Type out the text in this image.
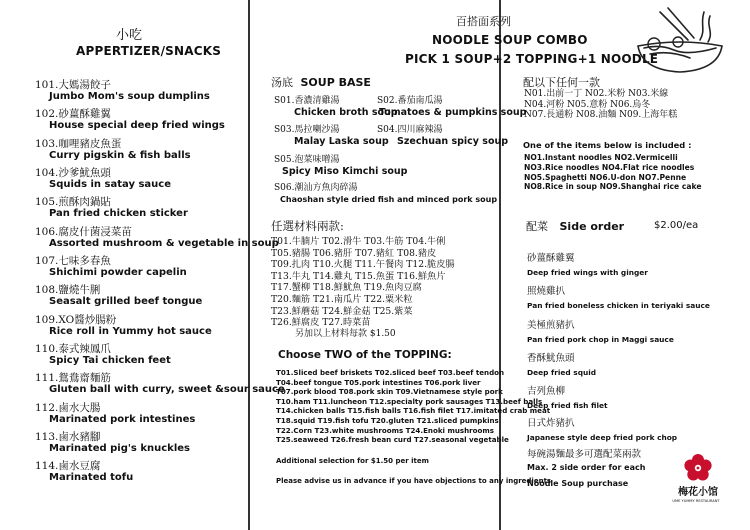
小吃
APPERTIZER/SNACKS
101.大媽湯餃子
Jumbo Mom's soup dumplins
102.砂薑酥雞翼
House special deep fried wings
103.咖哩豬皮魚蛋
Curry pigskin & fish balls
104.沙爹魷魚頭
Squids in satay sauce
105.煎酥肉鍋貼
Pan fried chicken sticker
106.腐皮什菌浸菜苗
Assorted mushroom & vegetable in soup
107.七味多春魚
Shichimi powder capelin
108.鹽燒牛脷
Seasalt grilled beef tongue
109.XO醬炒腸粉
Rice roll in Yummy hot sauce
110.泰式辣鳳爪
Spicy Tai chicken feet
111.鴛鴦齋麵筋
Gluten ball with curry, sweet &sour sauce
112.鹵水大腸
Marinated pork intestines
113.鹵水豬腳
Marinated pig's knuckles
114.鹵水豆腐
Marinated tofu
百搭面系列
NOODLE SOUP COMBO
PICK 1 SOUP+2 TOPPING+1 NOODLE
汤底 SOUP BASE
S01.香濃清雞湯
Chicken broth soup
S02.番茄南瓜湯
Tomatoes & pumpkins soup
S03.馬拉喇沙湯
Malay Laska soup
S04.四川麻辣湯
Szechuan spicy soup
S05.泡菜味噌湯
Spicy Miso Kimchi soup
S06.潮汕方魚肉碎湯
Chaoshan style dried fish and minced pork soup
任選材料兩款:
T01.牛腩片 T02.滑牛 T03.牛筋 T04.牛俐
T05.豬腸 T06.豬肝 T07.豬紅 T08.豬皮
T09.扎肉 T10.火腿 T11.午餐肉 T12.脆皮腸
T13.牛丸 T14.雞丸 T15.魚蛋 T16.鮮魚片
T17.蟹柳 T18.鮮魷魚 T19.魚肉豆腐
T20.麵筋 T21.南瓜片 T22.粟米粒
T23.鮮蘑菇 T24.鮮金菇 T25.紫菜
T26.鮮腐皮 T27.時菜苗
另加以上材料每款 $1.50
Choose TWO of the TOPPING:
T01.Sliced beef briskets T02.sliced beef T03.beef tendon
T04.beef tongue T05.pork intestines T06.pork liver
T07.pork blood T08.pork skin T09.Vietnamese style pork
T10.ham T11.luncheon T12.specialty pork sausages T13.beef balls
T14.chicken balls T15.fish balls T16.fish filet T17.imitated crab meat
T18.squid T19.fish tofu T20.gluten T21.sliced pumpkins
T22.Corn T23.white mushrooms T24.Enoki mushrooms
T25.seaweed T26.fresh bean curd T27.seasonal vegetable
Additional selection for $1.50 per item
Please advise us in advance if you have objections to any ingredients
配以下任何一款
N01.出前一丁 N02.米粉 N03.米線
N04.河粉 N05.意粉 N06.烏冬
N07.長通粉 N08.油麵 N09.上海年糕
One of the items below is included :
NO1.Instant noodles NO2.Vermicelli
NO3.Rice noodles NO4.Flat rice noodles
NO5.Spaghetti NO6.U-don NO7.Penne
NO8.Rice in soup NO9.Shanghai rice cake
配菜 Side order	$2.00/ea
砂薑酥雞翼
Deep fried wings with ginger
照燒雞扒
Pan fried boneless chicken in teriyaki sauce
美極煎豬扒
Pan fried pork chop in Maggi sauce
香酥魷魚頭
Deep fried squid
吉列魚柳
Deep fried fish filet
日式炸豬扒
Japanese style deep fried pork chop
每碗湯麵最多可選配菜兩款
Max. 2 side order for each
Noodle Soup purchase
梅花小馆
UME YUMMY RESTAURANT
